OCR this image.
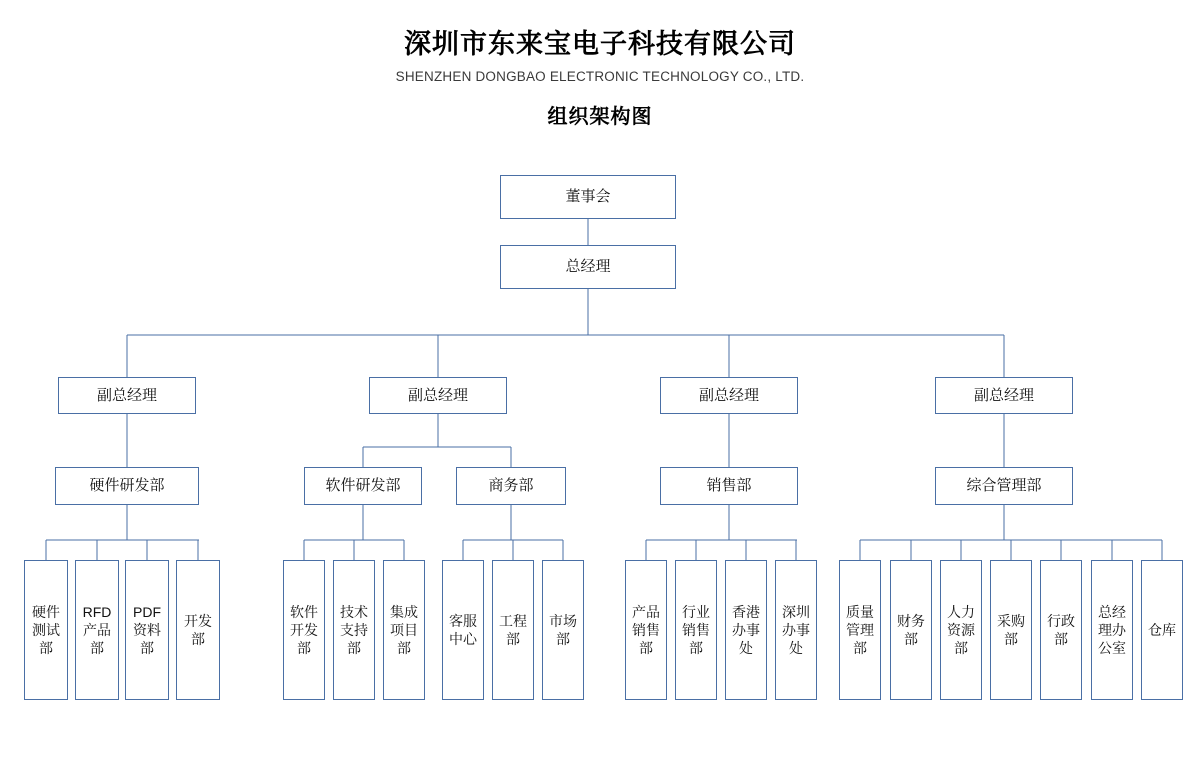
深圳市东来宝电子科技有限公司
SHENZHEN DONGBAO ELECTRONIC TECHNOLOGY CO., LTD.
组织架构图
董事会
总经理
副总经理	副总经理	副总经理	副总经理
硬件研发部	软件研发部	商务部	销售部	综合管理部
硬件测试部
RFD产品部
PDF资料部
开发部
软件开发部
技术支持部
集成项目部
客服中心
工程部
市场部
产品销售部
行业销售部
香港办事处
深圳办事处
质量管理部
财务部
人力资源部
采购部
行政部
总经理办公室
仓库
